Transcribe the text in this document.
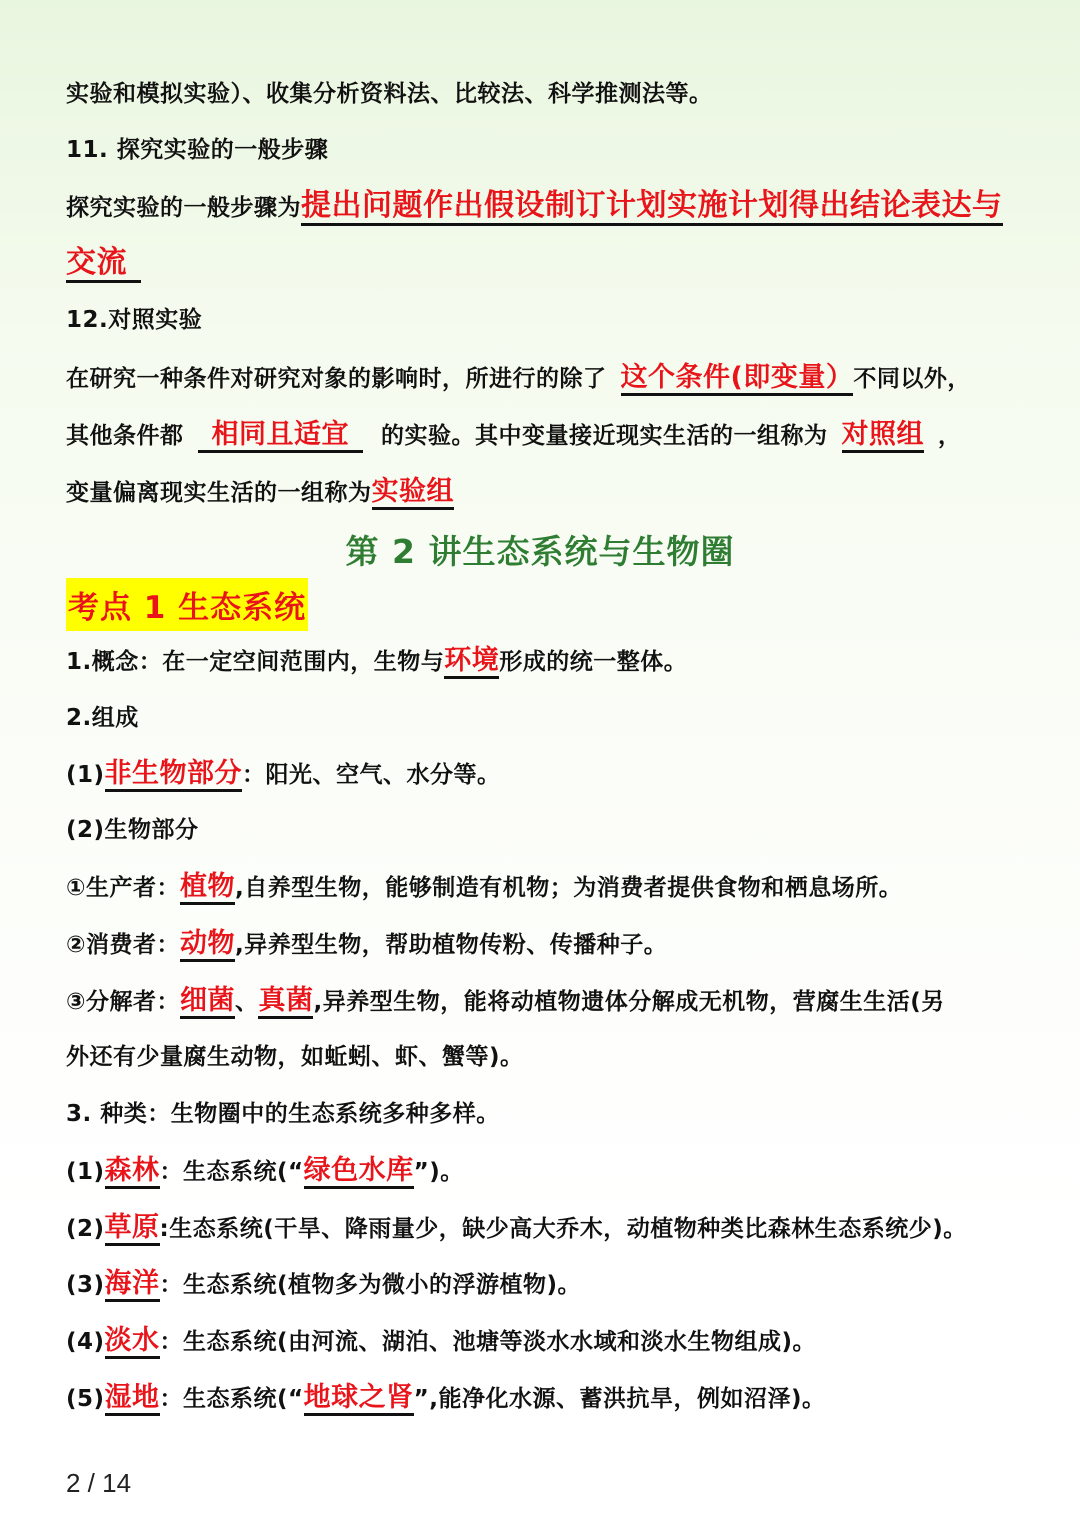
实验和模拟实验）、收集分析资料法、比较法、科学推测法等。
11. 探究实验的一般步骤
探究实验的一般步骤为提出问题作出假设制订计划实施计划得出结论表达与
交流
12.对照实验
在研究一种条件对研究对象的影响时，所进行的除了 这个条件(即变量）不同以外，
其他条件都 相同且适宜 的实验。其中变量接近现实生活的一组称为 对照组 ，
变量偏离现实生活的一组称为实验组
第 2 讲生态系统与生物圈
考点 1 生态系统
1.概念：在一定空间范围内，生物与环境形成的统一整体。
2.组成
(1)非生物部分：阳光、空气、水分等。
(2)生物部分
①生产者：植物,自养型生物，能够制造有机物；为消费者提供食物和栖息场所。
②消费者：动物,异养型生物，帮助植物传粉、传播种子。
③分解者：细菌、真菌,异养型生物，能将动植物遗体分解成无机物，营腐生生活(另
外还有少量腐生动物，如蚯蚓、虾、蟹等)。
3. 种类：生物圈中的生态系统多种多样。
(1)森林：生态系统(“绿色水库”)。
(2)草原:生态系统(干旱、降雨量少，缺少高大乔木，动植物种类比森林生态系统少)。
(3)海洋：生态系统(植物多为微小的浮游植物)。
(4)淡水：生态系统(由河流、湖泊、池塘等淡水水域和淡水生物组成)。
(5)湿地：生态系统(“地球之肾”,能净化水源、蓄洪抗旱，例如沼泽)。
2 / 14
